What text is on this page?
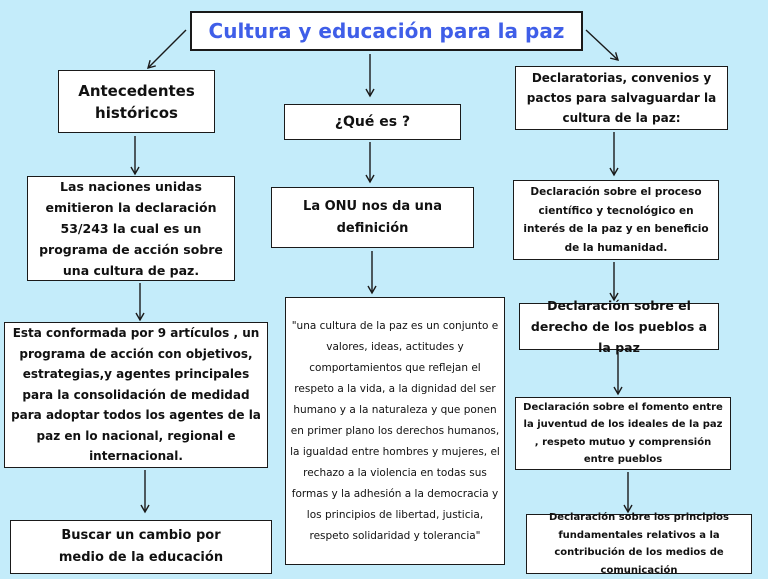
Cultura y educación para la paz
Antecedentes históricos
Las naciones unidas emitieron la declaración 53/243 la cual es un programa de acción sobre una cultura de paz.
Esta conformada por 9 artículos , un programa de acción con objetivos, estrategias,y agentes principales para la consolidación de medidad para adoptar todos los agentes de la paz en lo nacional, regional e internacional.
Buscar un cambio por medio de la educación
¿Qué es ?
La ONU nos da una definición
"una cultura de la paz es un conjunto e valores, ideas, actitudes y comportamientos que reflejan el respeto a la vida, a la dignidad del ser humano y a la naturaleza y que ponen en primer plano los derechos humanos, la igualdad entre hombres y mujeres, el rechazo a la violencia en todas sus formas y la adhesión a la democracia y los principios de libertad, justicia, respeto solidaridad y tolerancia"
Declaratorias, convenios y pactos para salvaguardar la cultura de la paz:
Declaración sobre el proceso científico y tecnológico en interés de la paz y en beneficio de la humanidad.
Declaración sobre el derecho de los pueblos a la paz
Declaración sobre el fomento entre la juventud de los ideales de la paz , respeto mutuo y comprensión entre pueblos
Declaración sobre los principios fundamentales relativos a la contribución de los medios de comunicación
